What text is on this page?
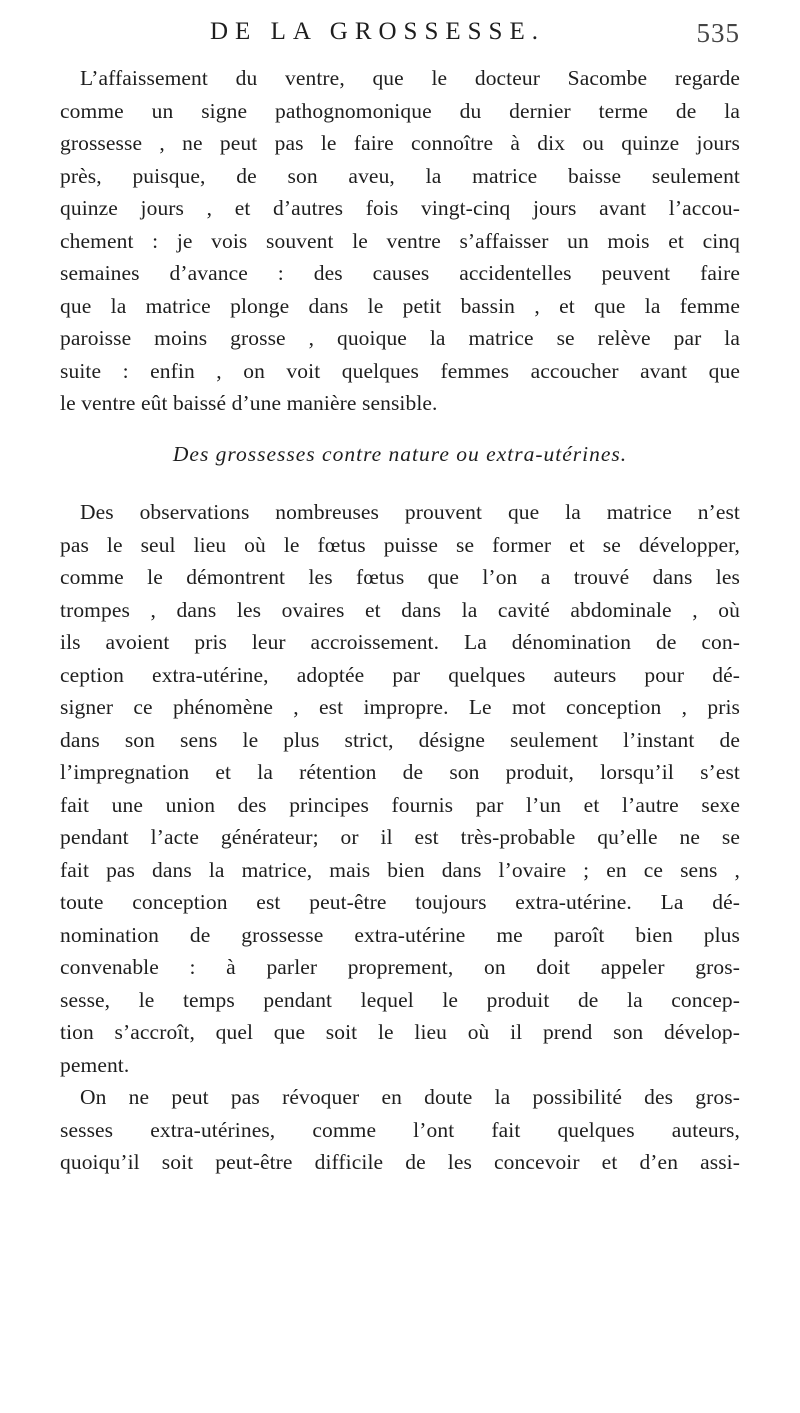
DE LA GROSSESSE.	535
L’affaissement du ventre, que le docteur Sacombe regarde
comme un signe pathognomonique du dernier terme de la
grossesse , ne peut pas le faire connoître à dix ou quinze jours
près, puisque, de son aveu, la matrice baisse seulement
quinze jours , et d’autres fois vingt-cinq jours avant l’accou-
chement : je vois souvent le ventre s’affaisser un mois et cinq
semaines d’avance : des causes accidentelles peuvent faire
que la matrice plonge dans le petit bassin , et que la femme
paroisse moins grosse , quoique la matrice se relève par la
suite : enfin , on voit quelques femmes accoucher avant que
le ventre eût baissé d’une manière sensible.
Des grossesses contre nature ou extra-utérines.
Des observations nombreuses prouvent que la matrice n’est
pas le seul lieu où le fœtus puisse se former et se développer,
comme le démontrent les fœtus que l’on a trouvé dans les
trompes , dans les ovaires et dans la cavité abdominale , où
ils avoient pris leur accroissement. La dénomination de con-
ception extra-utérine, adoptée par quelques auteurs pour dé-
signer ce phénomène , est impropre. Le mot conception , pris
dans son sens le plus strict, désigne seulement l’instant de
l’impregnation et la rétention de son produit, lorsqu’il s’est
fait une union des principes fournis par l’un et l’autre sexe
pendant l’acte générateur; or il est très-probable qu’elle ne se
fait pas dans la matrice, mais bien dans l’ovaire ; en ce sens ,
toute conception est peut-être toujours extra-utérine. La dé-
nomination de grossesse extra-utérine me paroît bien plus
convenable : à parler proprement, on doit appeler gros-
sesse, le temps pendant lequel le produit de la concep-
tion s’accroît, quel que soit le lieu où il prend son dévelop-
pement.
On ne peut pas révoquer en doute la possibilité des gros-
sesses extra-utérines, comme l’ont fait quelques auteurs,
quoiqu’il soit peut-être difficile de les concevoir et d’en assi-
